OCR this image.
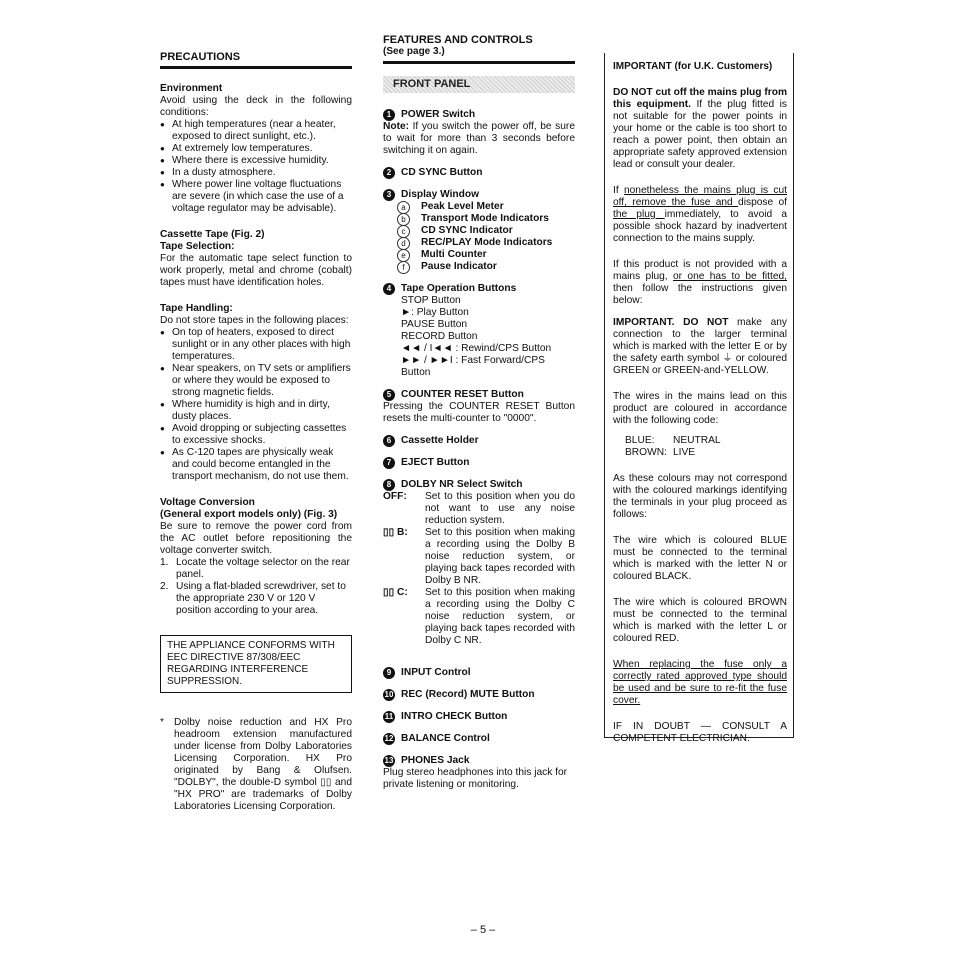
PRECAUTIONS

Environment

Avoid using the deck in the following conditions:

● At high temperatures (near a heater, exposed to direct sunlight, etc.).
● At extremely low temperatures.
● Where there is excessive humidity.
● In a dusty atmosphere.
● Where power line voltage fluctuations are severe (in which case the use of a voltage regulator may be advisable).

Cassette Tape (Fig. 2)

Tape Selection:

For the automatic tape select function to work properly, metal and chrome (cobalt) tapes must have identification holes.

Tape Handling:

Do not store tapes in the following places:

● On top of heaters, exposed to direct sunlight or in any other places with high temperatures.
● Near speakers, on TV sets or amplifiers or where they would be exposed to strong magnetic fields.
● Where humidity is high and in dirty, dusty places.
● Avoid dropping or subjecting cassettes to excessive shocks.
● As C-120 tapes are physically weak and could become entangled in the transport mechanism, do not use them.

Voltage Conversion

(General export models only) (Fig. 3)

Be sure to remove the power cord from the AC outlet before repositioning the voltage converter switch.

1. Locate the voltage selector on the rear panel.
2. Using a flat-bladed screwdriver, set to the appropriate 230 V or 120 V position according to your area.
THE APPLIANCE CONFORMS WITH EEC DIRECTIVE 87/308/EEC REGARDING INTERFERENCE SUPPRESSION.
* Dolby noise reduction and HX Pro headroom extension manufactured under license from Dolby Laboratories Licensing Corporation. HX Pro originated by Bang & Olufsen. "DOLBY", the double-D symbol ▯▯ and "HX PRO" are trademarks of Dolby Laboratories Licensing Corporation.

FEATURES AND CONTROLS

(See page 3.)

FRONT PANEL
1 POWER Switch

Note: If you switch the power off, be sure to wait for more than 3 seconds before switching it on again.

2 CD SYNC Button

3 Display Window

a	Peak Level Meter
b	Transport Mode Indicators
c	CD SYNC Indicator
d	REC/PLAY Mode Indicators
e	Multi Counter
f	Pause Indicator
4 Tape Operation Buttons

STOP Button
►: Play Button
PAUSE Button
RECORD Button
◄◄ / I◄◄ : Rewind/CPS Button
►► / ►►I : Fast Forward/CPS Button
5 COUNTER RESET Button

Pressing the COUNTER RESET Button resets the multi-counter to "0000".

6 Cassette Holder

7 EJECT Button

8 DOLBY NR Select Switch

OFF:	Set to this position when you do not want to use any noise reduction system.
▯▯ B:	Set to this position when making a recording using the Dolby B noise reduction system, or playing back tapes recorded with Dolby B NR.
▯▯ C:	Set to this position when making a recording using the Dolby C noise reduction system, or playing back tapes recorded with Dolby C NR.
9 INPUT Control

10 REC (Record) MUTE Button

11 INTRO CHECK Button

12 BALANCE Control

13 PHONES Jack

Plug stereo headphones into this jack for private listening or monitoring.

IMPORTANT (for U.K. Customers)

DO NOT cut off the mains plug from this equipment. If the plug fitted is not suitable for the power points in your home or the cable is too short to reach a power point, then obtain an appropriate safety approved extension lead or consult your dealer.

If nonetheless the mains plug is cut off, remove the fuse and dispose of the plug immediately, to avoid a possible shock hazard by inadvertent connection to the mains supply.

If this product is not provided with a mains plug, or one has to be fitted, then follow the instructions given below:

IMPORTANT. DO NOT make any connection to the larger terminal which is marked with the letter E or by the safety earth symbol ⏚ or coloured GREEN or GREEN-and-YELLOW.

The wires in the mains lead on this product are coloured in accordance with the following code:

BLUE:	NEUTRAL
BROWN: LIVE

As these colours may not correspond with the coloured markings identifying the terminals in your plug proceed as follows:

The wire which is coloured BLUE must be connected to the terminal which is marked with the letter N or coloured BLACK.

The wire which is coloured BROWN must be connected to the terminal which is marked with the letter L or coloured RED.

When replacing the fuse only a correctly rated approved type should be used and be sure to re-fit the fuse cover.

IF IN DOUBT — CONSULT A COMPETENT ELECTRICIAN.

– 5 –
